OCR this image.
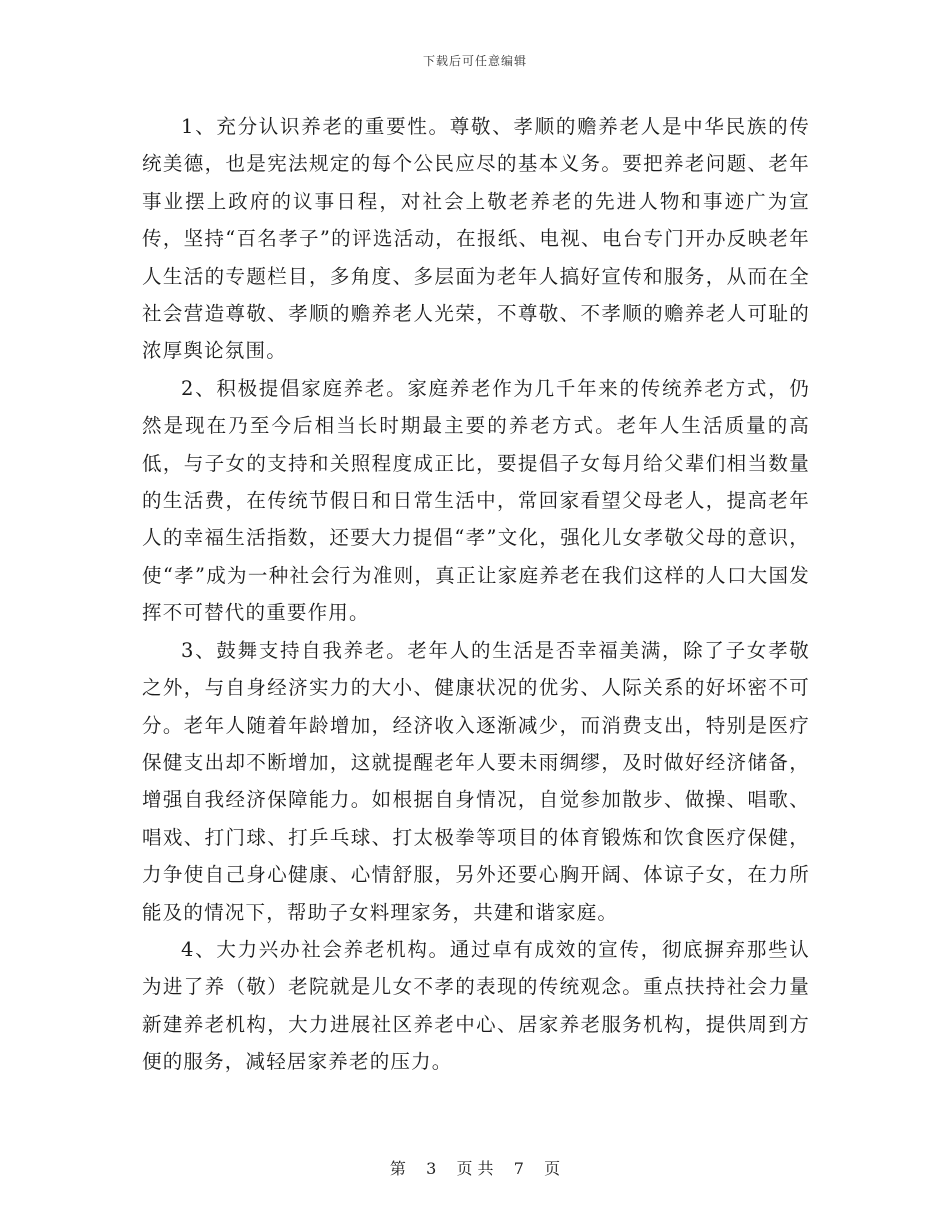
下载后可任意编辑

1、充分认识养老的重要性。尊敬、孝顺的赡养老人是中华民族的传统美德，也是宪法规定的每个公民应尽的基本义务。要把养老问题、老年事业摆上政府的议事日程，对社会上敬老养老的先进人物和事迹广为宣传，坚持“百名孝子”的评选活动，在报纸、电视、电台专门开办反映老年人生活的专题栏目，多角度、多层面为老年人搞好宣传和服务，从而在全社会营造尊敬、孝顺的赡养老人光荣，不尊敬、不孝顺的赡养老人可耻的浓厚舆论氛围。

2、积极提倡家庭养老。家庭养老作为几千年来的传统养老方式，仍然是现在乃至今后相当长时期最主要的养老方式。老年人生活质量的高低，与子女的支持和关照程度成正比，要提倡子女每月给父辈们相当数量的生活费，在传统节假日和日常生活中，常回家看望父母老人，提高老年人的幸福生活指数，还要大力提倡“孝”文化，强化儿女孝敬父母的意识，使“孝”成为一种社会行为准则，真正让家庭养老在我们这样的人口大国发挥不可替代的重要作用。

3、鼓舞支持自我养老。老年人的生活是否幸福美满，除了子女孝敬之外，与自身经济实力的大小、健康状况的优劣、人际关系的好坏密不可分。老年人随着年龄增加，经济收入逐渐减少，而消费支出，特别是医疗保健支出却不断增加，这就提醒老年人要未雨绸缪，及时做好经济储备，增强自我经济保障能力。如根据自身情况，自觉参加散步、做操、唱歌、唱戏、打门球、打乒乓球、打太极拳等项目的体育锻炼和饮食医疗保健，力争使自己身心健康、心情舒服，另外还要心胸开阔、体谅子女，在力所能及的情况下，帮助子女料理家务，共建和谐家庭。

4、大力兴办社会养老机构。通过卓有成效的宣传，彻底摒弃那些认为进了养（敬）老院就是儿女不孝的表现的传统观念。重点扶持社会力量新建养老机构，大力进展社区养老中心、居家养老服务机构，提供周到方便的服务，减轻居家养老的压力。

第 3 页 共 7 页
